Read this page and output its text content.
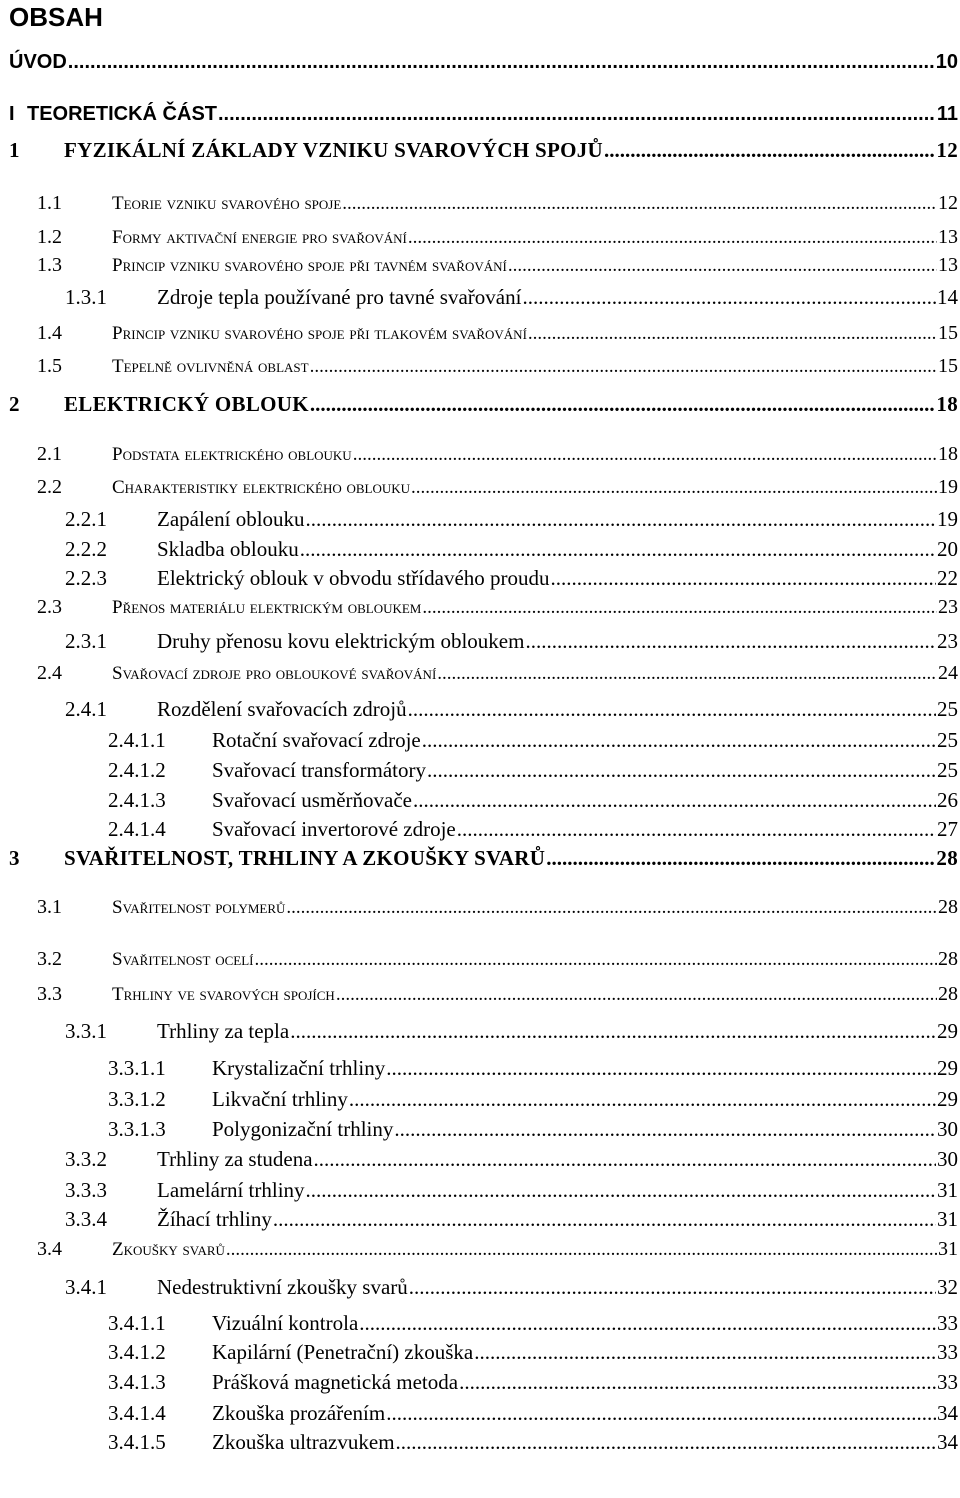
OBSAH
ÚVOD .....	10
I TEORETICKÁ ČÁST .....	11
1 FYZIKÁLNÍ ZÁKLADY VZNIKU SVAROVÝCH SPOJŮ .....	12
1.1	Teorie vzniku svarového spoje .....	12
1.2	Formy aktivační energie pro svařování .....	13
1.3	Princip vzniku svarového spoje při tavném svařování .....	13
1.3.1 Zdroje tepla používané pro tavné svařování .....	14
1.4	Princip vzniku svarového spoje při tlakovém svařování .....	15
1.5	Tepelně ovlivněná oblast .....	15
2 ELEKTRICKÝ OBLOUK .....	18
2.1	Podstata elektrického oblouku .....	18
2.2	Charakteristiky elektrického oblouku .....	19
2.2.1 Zapálení oblouku .....	19
2.2.2 Skladba oblouku .....	20
2.2.3 Elektrický oblouk v obvodu střídavého proudu .....	22
2.3	Přenos materiálu elektrickým obloukem .....	23
2.3.1 Druhy přenosu kovu elektrickým obloukem .....	23
2.4	Svařovací zdroje pro obloukové svařování .....	24
2.4.1 Rozdělení svařovacích zdrojů .....	25
2.4.1.1 Rotační svařovací zdroje .....	25
2.4.1.2 Svařovací transformátory .....	25
2.4.1.3 Svařovací usměrňovače .....	26
2.4.1.4 Svařovací invertorové zdroje .....	27
3 SVAŘITELNOST, TRHLINY A ZKOUŠKY SVARŮ .....	28
3.1	Svařitelnost polymerů .....	28
3.2	Svařitelnost ocelí .....	28
3.3	Trhliny ve svarových spojích .....	28
3.3.1 Trhliny za tepla .....	29
3.3.1.1 Krystalizační trhliny .....	29
3.3.1.2 Likvační trhliny .....	29
3.3.1.3 Polygonizační trhliny .....	30
3.3.2 Trhliny za studena .....	30
3.3.3 Lamelární trhliny .....	31
3.3.4 Žíhací trhliny .....	31
3.4	Zkoušky svarů .....	31
3.4.1 Nedestruktivní zkoušky svarů .....	32
3.4.1.1 Vizuální kontrola .....	33
3.4.1.2 Kapilární (Penetrační) zkouška .....	33
3.4.1.3 Prášková magnetická metoda .....	33
3.4.1.4 Zkouška prozářením .....	34
3.4.1.5 Zkouška ultrazvukem .....	34
